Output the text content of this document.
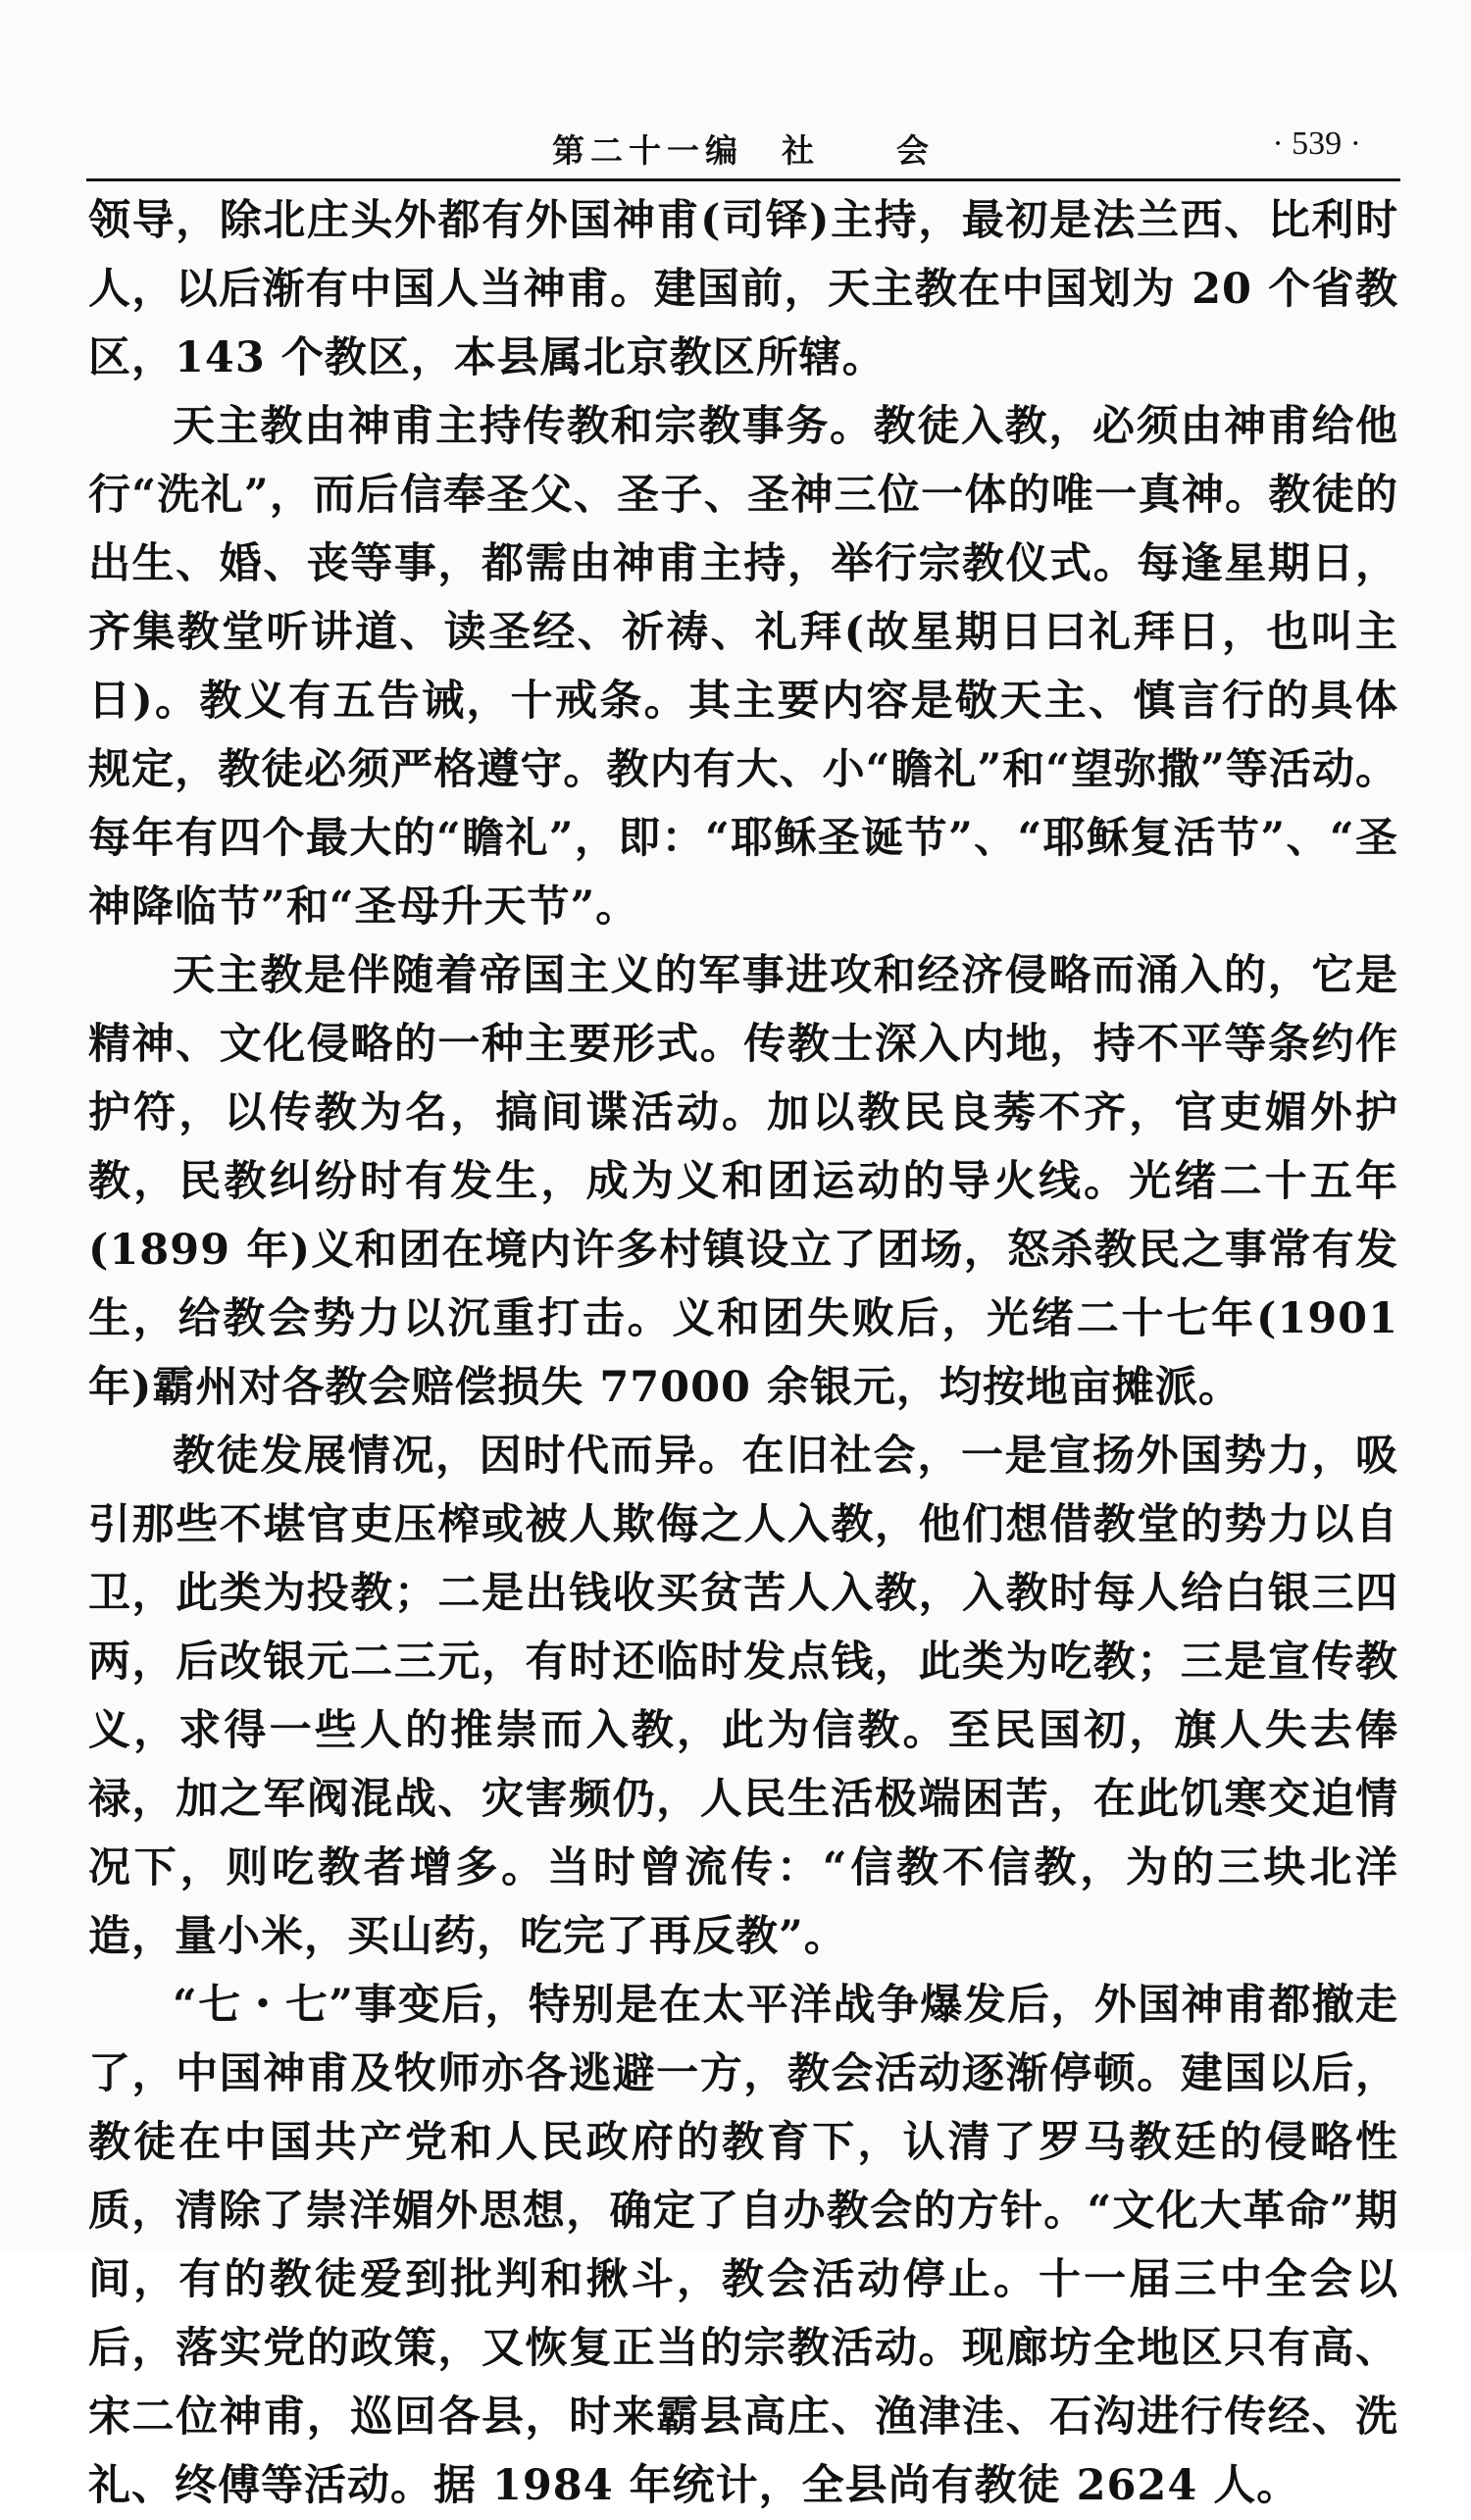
第二十一编　社　　会	· 539 ·

领导，除北庄头外都有外国神甫(司铎)主持，最初是法兰西、比利时人，以后渐有中国人当神甫。建国前，天主教在中国划为 20 个省教区，143 个教区，本县属北京教区所辖。

天主教由神甫主持传教和宗教事务。教徒入教，必须由神甫给他行“洗礼”，而后信奉圣父、圣子、圣神三位一体的唯一真神。教徒的出生、婚、丧等事，都需由神甫主持，举行宗教仪式。每逢星期日，齐集教堂听讲道、读圣经、祈祷、礼拜(故星期日曰礼拜日，也叫主日)。教义有五告诫，十戒条。其主要内容是敬天主、慎言行的具体规定，教徒必须严格遵守。教内有大、小“瞻礼”和“望弥撒”等活动。每年有四个最大的“瞻礼”，即：“耶稣圣诞节”、“耶稣复活节”、“圣神降临节”和“圣母升天节”。

天主教是伴随着帝国主义的军事进攻和经济侵略而涌入的，它是精神、文化侵略的一种主要形式。传教士深入内地，持不平等条约作护符，以传教为名，搞间谍活动。加以教民良莠不齐，官吏媚外护教，民教纠纷时有发生，成为义和团运动的导火线。光绪二十五年(1899 年)义和团在境内许多村镇设立了团场，怒杀教民之事常有发生，给教会势力以沉重打击。义和团失败后，光绪二十七年(1901 年)霸州对各教会赔偿损失 77000 余银元，均按地亩摊派。

教徒发展情况，因时代而异。在旧社会，一是宣扬外国势力，吸引那些不堪官吏压榨或被人欺侮之人入教，他们想借教堂的势力以自卫，此类为投教；二是出钱收买贫苦人入教，入教时每人给白银三四两，后改银元二三元，有时还临时发点钱，此类为吃教；三是宣传教义，求得一些人的推崇而入教，此为信教。至民国初，旗人失去俸禄，加之军阀混战、灾害频仍，人民生活极端困苦，在此饥寒交迫情况下，则吃教者增多。当时曾流传：“信教不信教，为的三块北洋造，量小米，买山药，吃完了再反教”。

“七・七”事变后，特别是在太平洋战争爆发后，外国神甫都撤走了，中国神甫及牧师亦各逃避一方，教会活动逐渐停顿。建国以后，教徒在中国共产党和人民政府的教育下，认清了罗马教廷的侵略性质，清除了崇洋媚外思想，确定了自办教会的方针。“文化大革命”期间，有的教徒爱到批判和揪斗，教会活动停止。十一届三中全会以后，落实党的政策，又恢复正当的宗教活动。现廊坊全地区只有高、宋二位神甫，巡回各县，时来霸县高庄、渔津洼、石沟进行传经、洗礼、终傅等活动。据 1984 年统计，全县尚有教徒 2624 人。
